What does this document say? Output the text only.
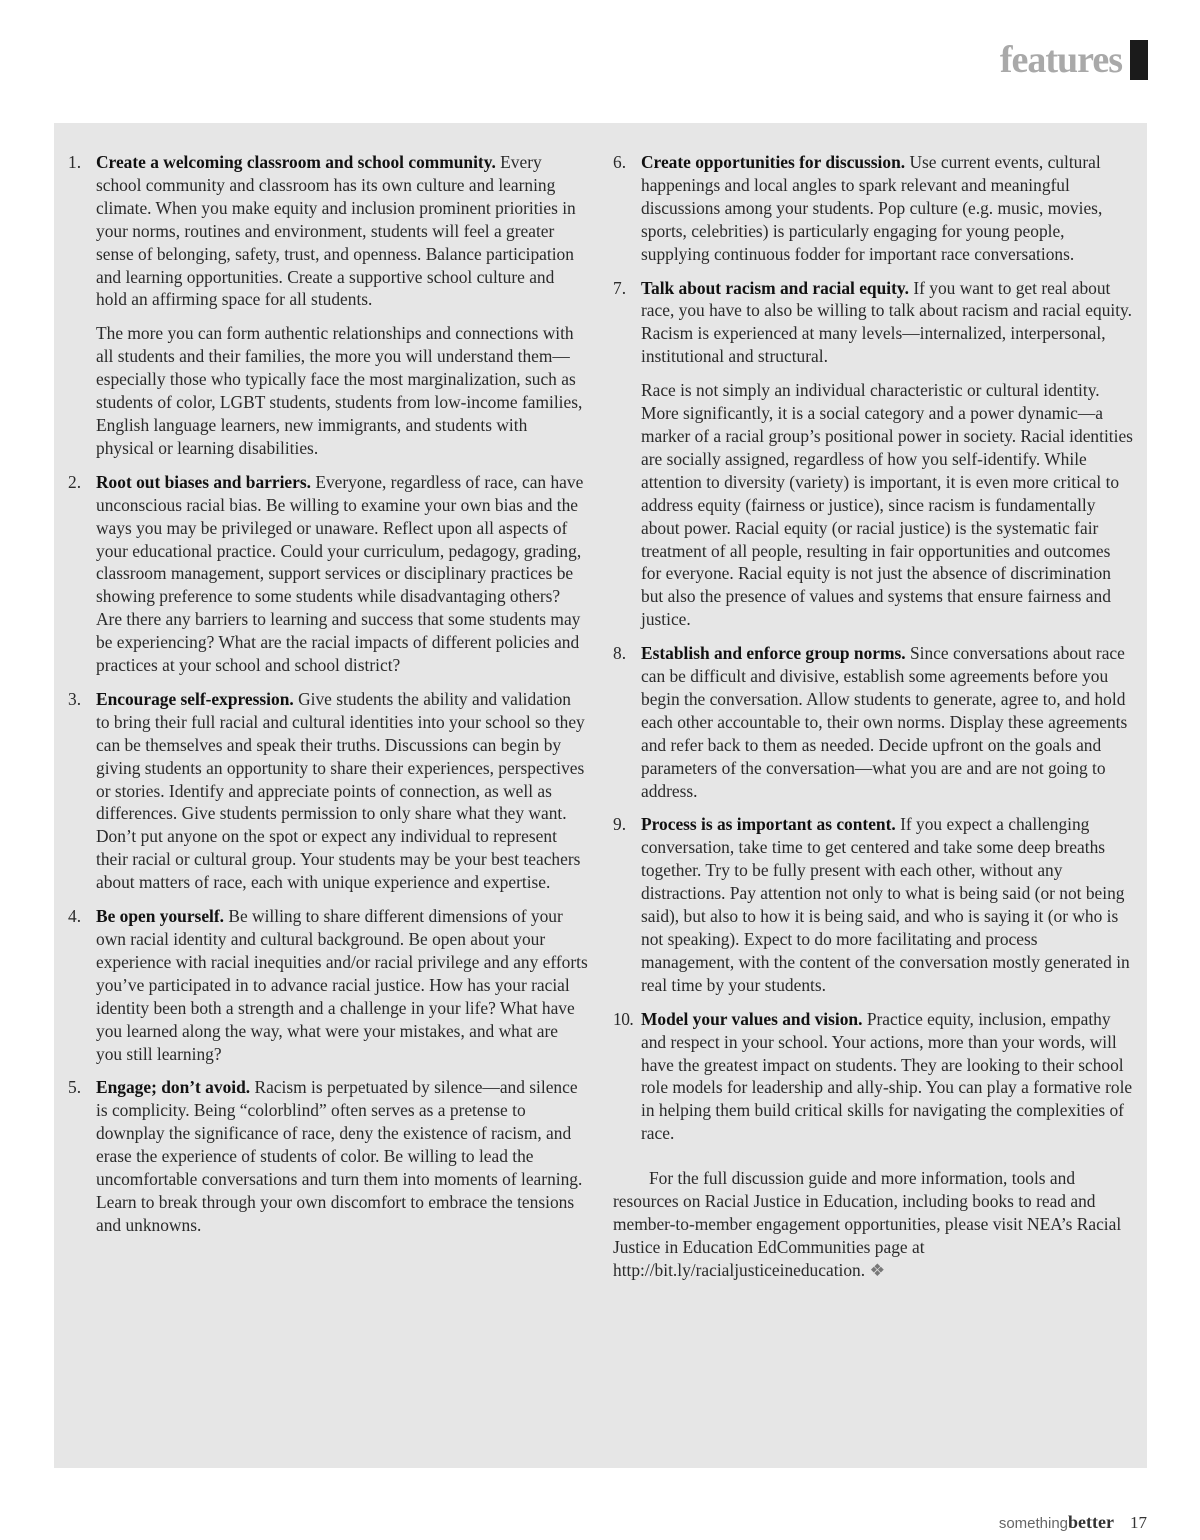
features
1. Create a welcoming classroom and school community. Every school community and classroom has its own culture and learning climate. When you make equity and inclusion prominent priorities in your norms, routines and environment, students will feel a greater sense of belonging, safety, trust, and openness. Balance participation and learning opportunities. Create a supportive school culture and hold an affirming space for all students.

The more you can form authentic relationships and connections with all students and their families, the more you will understand them—especially those who typically face the most marginalization, such as students of color, LGBT students, students from low-income families, English language learners, new immigrants, and students with physical or learning disabilities.

2. Root out biases and barriers. Everyone, regardless of race, can have unconscious racial bias. Be willing to examine your own bias and the ways you may be privileged or unaware. Reflect upon all aspects of your educational practice. Could your curriculum, pedagogy, grading, classroom management, support services or disciplinary practices be showing preference to some students while disadvantaging others? Are there any barriers to learning and success that some students may be experiencing? What are the racial impacts of different policies and practices at your school and school district?

3. Encourage self-expression. Give students the ability and validation to bring their full racial and cultural identities into your school so they can be themselves and speak their truths. Discussions can begin by giving students an opportunity to share their experiences, perspectives or stories. Identify and appreciate points of connection, as well as differences. Give students permission to only share what they want. Don’t put anyone on the spot or expect any individual to represent their racial or cultural group. Your students may be your best teachers about matters of race, each with unique experience and expertise.

4. Be open yourself. Be willing to share different dimensions of your own racial identity and cultural background. Be open about your experience with racial inequities and/or racial privilege and any efforts you’ve participated in to advance racial justice. How has your racial identity been both a strength and a challenge in your life? What have you learned along the way, what were your mistakes, and what are you still learning?

5. Engage; don’t avoid. Racism is perpetuated by silence—and silence is complicity. Being “colorblind” often serves as a pretense to downplay the significance of race, deny the existence of racism, and erase the experience of students of color. Be willing to lead the uncomfortable conversations and turn them into moments of learning. Learn to break through your own discomfort to embrace the tensions and unknowns.

6. Create opportunities for discussion. Use current events, cultural happenings and local angles to spark relevant and meaningful discussions among your students. Pop culture (e.g. music, movies, sports, celebrities) is particularly engaging for young people, supplying continuous fodder for important race conversations.

7. Talk about racism and racial equity. If you want to get real about race, you have to also be willing to talk about racism and racial equity. Racism is experienced at many levels—internalized, interpersonal, institutional and structural.

Race is not simply an individual characteristic or cultural identity. More significantly, it is a social category and a power dynamic—a marker of a racial group’s positional power in society. Racial identities are socially assigned, regardless of how you self-identify. While attention to diversity (variety) is important, it is even more critical to address equity (fairness or justice), since racism is fundamentally about power. Racial equity (or racial justice) is the systematic fair treatment of all people, resulting in fair opportunities and outcomes for everyone. Racial equity is not just the absence of discrimination but also the presence of values and systems that ensure fairness and justice.

8. Establish and enforce group norms. Since conversations about race can be difficult and divisive, establish some agreements before you begin the conversation. Allow students to generate, agree to, and hold each other accountable to, their own norms. Display these agreements and refer back to them as needed. Decide upfront on the goals and parameters of the conversation—what you are and are not going to address.

9. Process is as important as content. If you expect a challenging conversation, take time to get centered and take some deep breaths together. Try to be fully present with each other, without any distractions. Pay attention not only to what is being said (or not being said), but also to how it is being said, and who is saying it (or who is not speaking). Expect to do more facilitating and process management, with the content of the conversation mostly generated in real time by your students.

10. Model your values and vision. Practice equity, inclusion, empathy and respect in your school. Your actions, more than your words, will have the greatest impact on students. They are looking to their school role models for leadership and ally-ship. You can play a formative role in helping them build critical skills for navigating the complexities of race.

For the full discussion guide and more information, tools and resources on Racial Justice in Education, including books to read and member-to-member engagement opportunities, please visit NEA’s Racial Justice in Education EdCommunities page at http://bit.ly/racialjusticeineducation. ❖

something better 17
